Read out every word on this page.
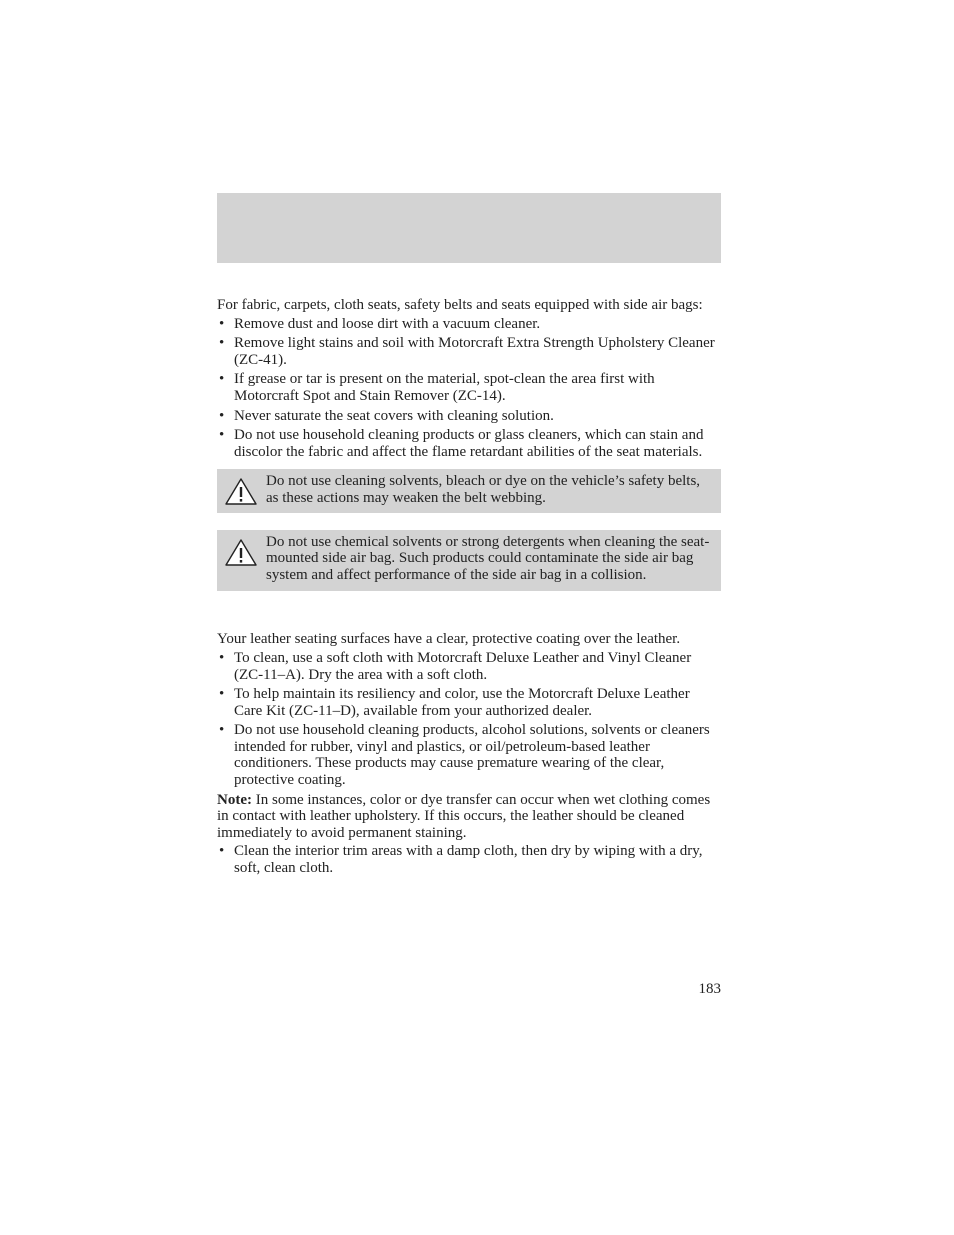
For fabric, carpets, cloth seats, safety belts and seats equipped with side air bags:

• Remove dust and loose dirt with a vacuum cleaner.
• Remove light stains and soil with Motorcraft Extra Strength Upholstery Cleaner (ZC-41).
• If grease or tar is present on the material, spot-clean the area first with Motorcraft Spot and Stain Remover (ZC-14).
• Never saturate the seat covers with cleaning solution.
• Do not use household cleaning products or glass cleaners, which can stain and discolor the fabric and affect the flame retardant abilities of the seat materials.
Do not use cleaning solvents, bleach or dye on the vehicle’s safety belts, as these actions may weaken the belt webbing.
Do not use chemical solvents or strong detergents when cleaning the seat-mounted side air bag. Such products could contaminate the side air bag system and affect performance of the side air bag in a collision.

Your leather seating surfaces have a clear, protective coating over the leather.

• To clean, use a soft cloth with Motorcraft Deluxe Leather and Vinyl Cleaner (ZC-11–A). Dry the area with a soft cloth.
• To help maintain its resiliency and color, use the Motorcraft Deluxe Leather Care Kit (ZC-11–D), available from your authorized dealer.
• Do not use household cleaning products, alcohol solutions, solvents or cleaners intended for rubber, vinyl and plastics, or oil/petroleum-based leather conditioners. These products may cause premature wearing of the clear, protective coating.

Note: In some instances, color or dye transfer can occur when wet clothing comes in contact with leather upholstery. If this occurs, the leather should be cleaned immediately to avoid permanent staining.

• Clean the interior trim areas with a damp cloth, then dry by wiping with a dry, soft, clean cloth.
183
